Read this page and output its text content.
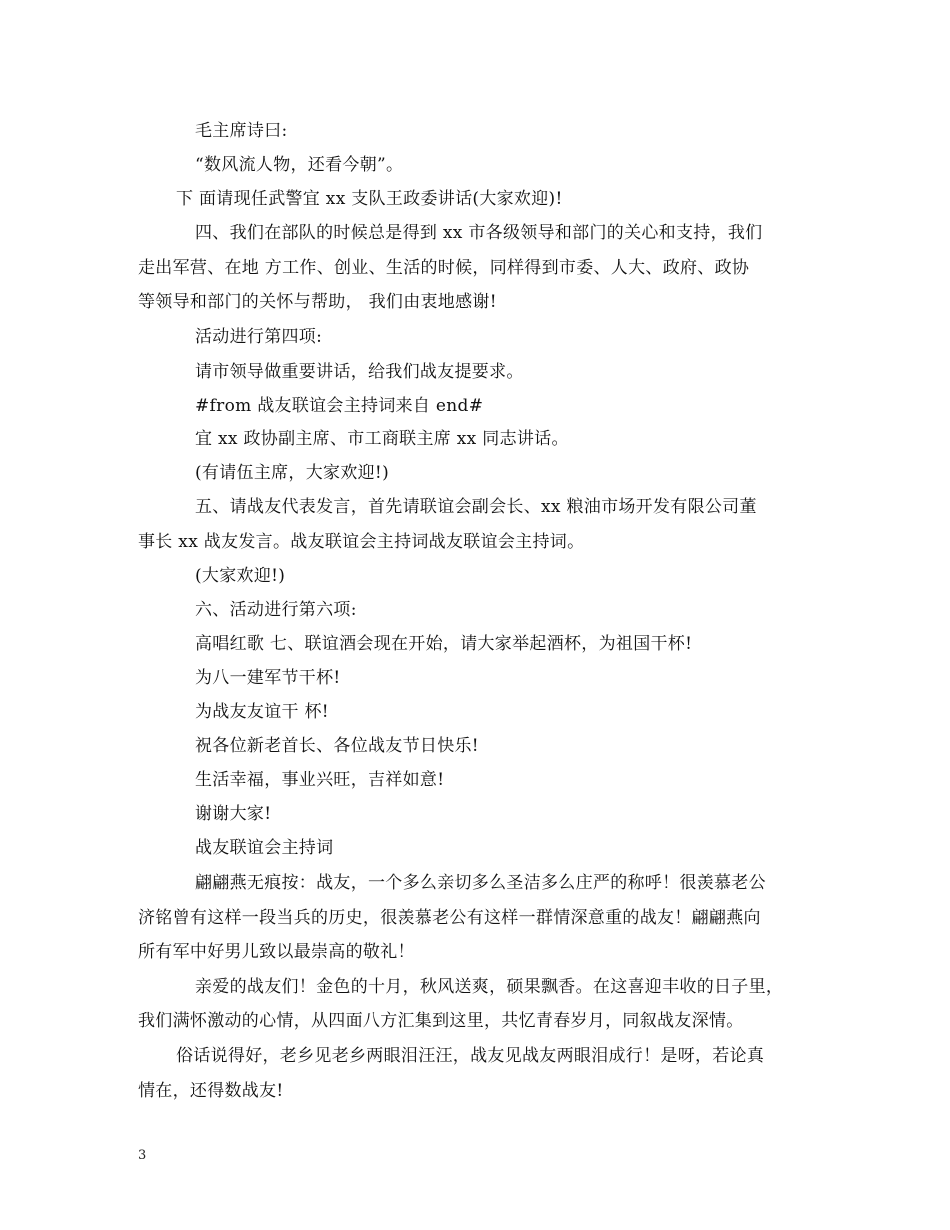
毛主席诗曰:
“数风流人物，还看今朝”。
下 面请现任武警宜 xx 支队王政委讲话(大家欢迎)!
四、我们在部队的时候总是得到 xx 市各级领导和部门的关心和支持，我们
走出军营、在地 方工作、创业、生活的时候，同样得到市委、人大、政府、政协
等领导和部门的关怀与帮助， 我们由衷地感谢!
活动进行第四项:
请市领导做重要讲话，给我们战友提要求。
#from 战友联谊会主持词来自 end#
宜 xx 政协副主席、市工商联主席 xx 同志讲话。
(有请伍主席，大家欢迎!)
五、请战友代表发言，首先请联谊会副会长、xx 粮油市场开发有限公司董
事长 xx 战友发言。战友联谊会主持词战友联谊会主持词。
(大家欢迎!)
六、活动进行第六项:
高唱红歌 七、联谊酒会现在开始，请大家举起酒杯，为祖国干杯!
为八一建军节干杯!
为战友友谊干 杯!
祝各位新老首长、各位战友节日快乐!
生活幸福，事业兴旺，吉祥如意!
谢谢大家!
战友联谊会主持词
翩翩燕无痕按：战友，一个多么亲切多么圣洁多么庄严的称呼！很羡慕老公
济铭曾有这样一段当兵的历史，很羡慕老公有这样一群情深意重的战友！翩翩燕向
所有军中好男儿致以最崇高的敬礼！
亲爱的战友们！金色的十月，秋风送爽，硕果飘香。在这喜迎丰收的日子里，
我们满怀激动的心情，从四面八方汇集到这里，共忆青春岁月，同叙战友深情。
俗话说得好，老乡见老乡两眼泪汪汪，战友见战友两眼泪成行！是呀，若论真
情在，还得数战友!
3
